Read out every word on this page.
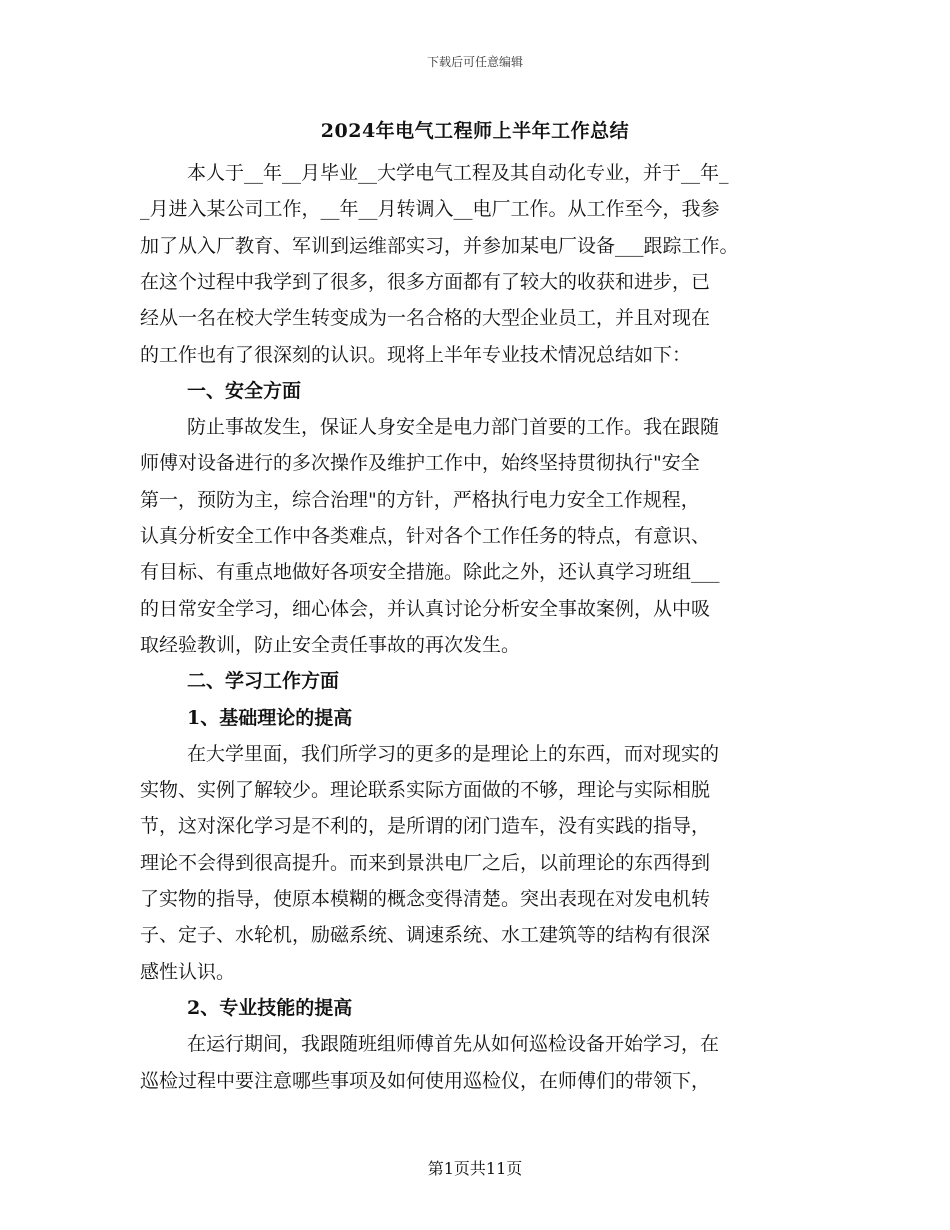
下载后可任意编辑
2024年电气工程师上半年工作总结
本人于__年__月毕业__大学电气工程及其自动化专业，并于__年_
_月进入某公司工作，__年__月转调入__电厂工作。从工作至今，我参
加了从入厂教育、军训到运维部实习，并参加某电厂设备___跟踪工作。
在这个过程中我学到了很多，很多方面都有了较大的收获和进步，已
经从一名在校大学生转变成为一名合格的大型企业员工，并且对现在
的工作也有了很深刻的认识。现将上半年专业技术情况总结如下：
一、安全方面
防止事故发生，保证人身安全是电力部门首要的工作。我在跟随
师傅对设备进行的多次操作及维护工作中，始终坚持贯彻执行"安全
第一，预防为主，综合治理"的方针，严格执行电力安全工作规程，
认真分析安全工作中各类难点，针对各个工作任务的特点，有意识、
有目标、有重点地做好各项安全措施。除此之外，还认真学习班组___
的日常安全学习，细心体会，并认真讨论分析安全事故案例，从中吸
取经验教训，防止安全责任事故的再次发生。
二、学习工作方面
1、基础理论的提高
在大学里面，我们所学习的更多的是理论上的东西，而对现实的
实物、实例了解较少。理论联系实际方面做的不够，理论与实际相脱
节，这对深化学习是不利的，是所谓的闭门造车，没有实践的指导，
理论不会得到很高提升。而来到景洪电厂之后，以前理论的东西得到
了实物的指导，使原本模糊的概念变得清楚。突出表现在对发电机转
子、定子、水轮机，励磁系统、调速系统、水工建筑等的结构有很深
感性认识。
2、专业技能的提高
在运行期间，我跟随班组师傅首先从如何巡检设备开始学习，在
巡检过程中要注意哪些事项及如何使用巡检仪，在师傅们的带领下，
第1页共11页
